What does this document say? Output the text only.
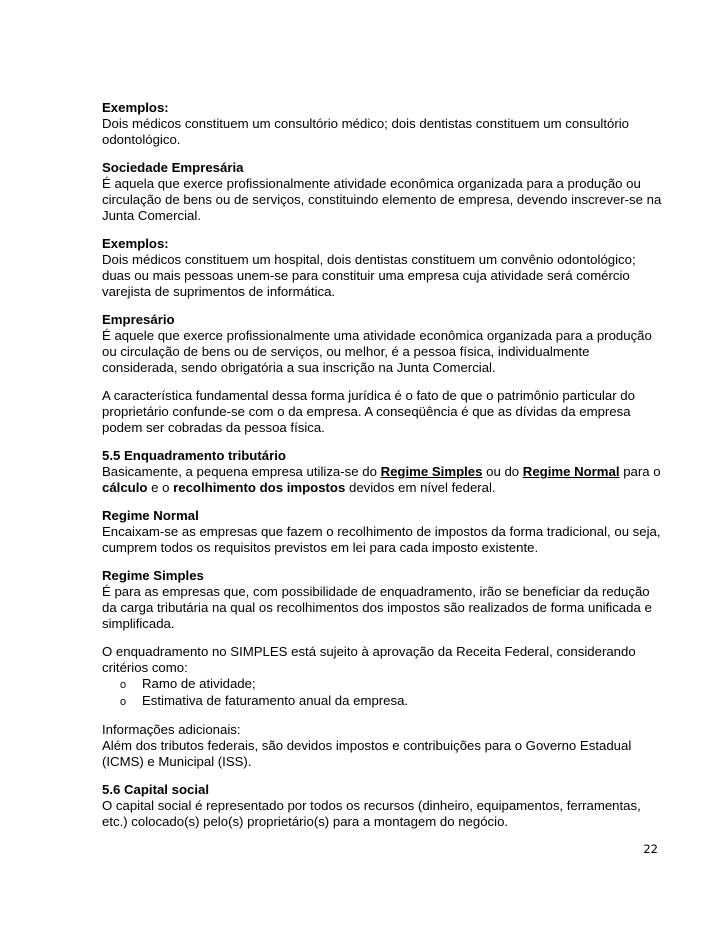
Exemplos:
Dois médicos constituem um consultório médico; dois dentistas constituem um consultório
odontológico.
Sociedade Empresária
É aquela que exerce profissionalmente atividade econômica organizada para a produção ou
circulação de bens ou de serviços, constituindo elemento de empresa, devendo inscrever-se na
Junta Comercial.
Exemplos:
Dois médicos constituem um hospital, dois dentistas constituem um convênio odontológico;
duas ou mais pessoas unem-se para constituir uma empresa cuja atividade será comércio
varejista de suprimentos de informática.
Empresário
É aquele que exerce profissionalmente uma atividade econômica organizada para a produção
ou circulação de bens ou de serviços, ou melhor, é a pessoa física, individualmente
considerada, sendo obrigatória a sua inscrição na Junta Comercial.
A característica fundamental dessa forma jurídica é o fato de que o patrimônio particular do
proprietário confunde-se com o da empresa. A conseqüência é que as dívidas da empresa
podem ser cobradas da pessoa física.
5.5 Enquadramento tributário
Basicamente, a pequena empresa utiliza-se do Regime Simples ou do Regime Normal para o
cálculo e o recolhimento dos impostos devidos em nível federal.
Regime Normal
Encaixam-se as empresas que fazem o recolhimento de impostos da forma tradicional, ou seja,
cumprem todos os requisitos previstos em lei para cada imposto existente.
Regime Simples
É para as empresas que, com possibilidade de enquadramento, irão se beneficiar da redução
da carga tributária na qual os recolhimentos dos impostos são realizados de forma unificada e
simplificada.
O enquadramento no SIMPLES está sujeito à aprovação da Receita Federal, considerando
critérios como:
o Ramo de atividade;
o Estimativa de faturamento anual da empresa.
Informações adicionais:
Além dos tributos federais, são devidos impostos e contribuições para o Governo Estadual
(ICMS) e Municipal (ISS).
5.6 Capital social
O capital social é representado por todos os recursos (dinheiro, equipamentos, ferramentas,
etc.) colocado(s) pelo(s) proprietário(s) para a montagem do negócio.
22
